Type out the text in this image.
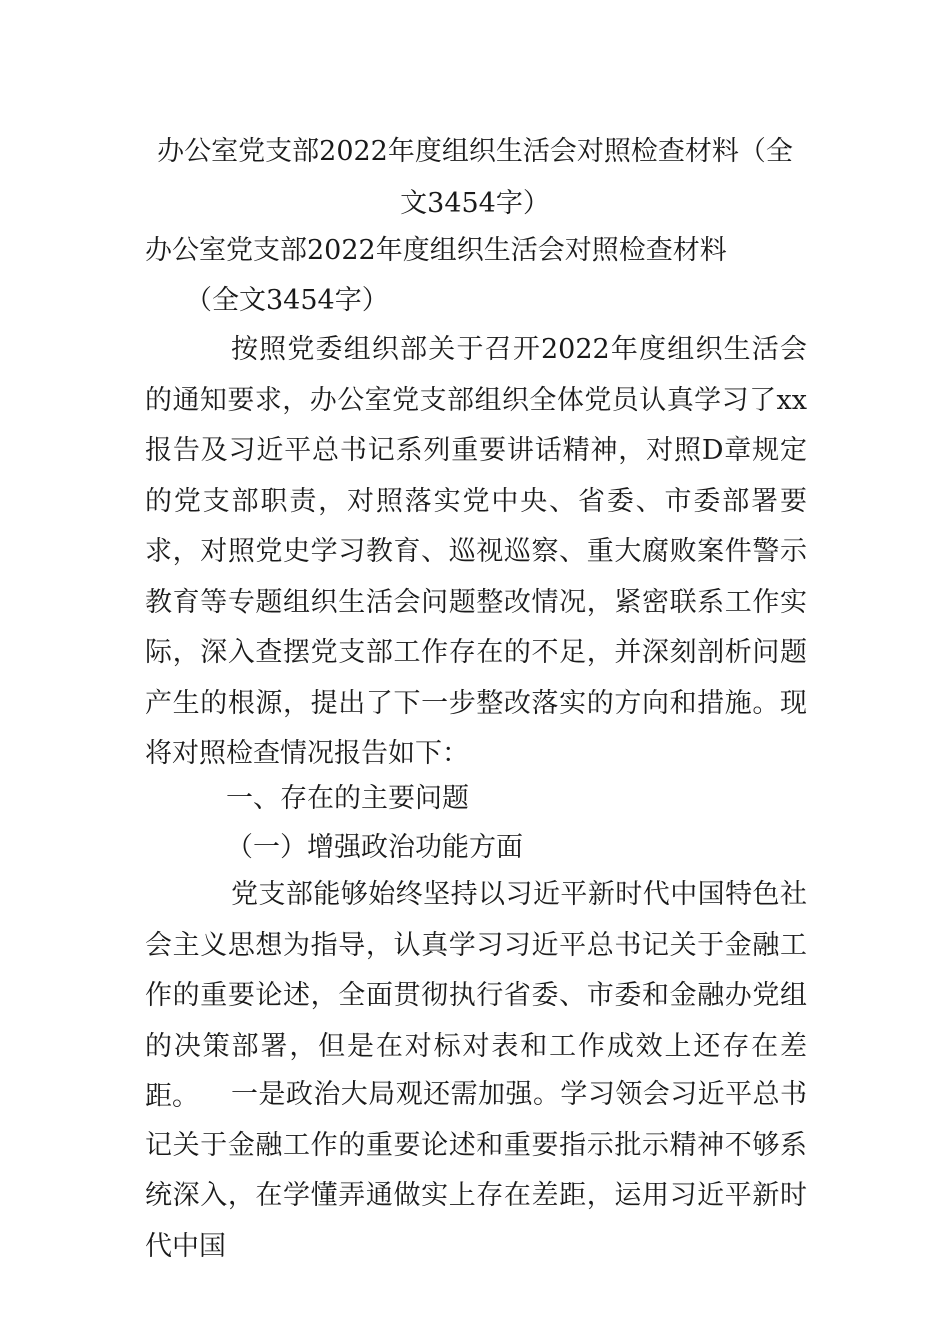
办公室党支部2022年度组织生活会对照检查材料（全文3454字）

办公室党支部2022年度组织生活会对照检查材料

（全文3454字）

按照党委组织部关于召开2022年度组织生活会的通知要求，办公室党支部组织全体党员认真学习了xx报告及习近平总书记系列重要讲话精神，对照D章规定的党支部职责，对照落实党中央、省委、市委部署要求，对照党史学习教育、巡视巡察、重大腐败案件警示教育等专题组织生活会问题整改情况，紧密联系工作实际，深入查摆党支部工作存在的不足，并深刻剖析问题产生的根源，提出了下一步整改落实的方向和措施。现将对照检查情况报告如下：

一、存在的主要问题

（一）增强政治功能方面

党支部能够始终坚持以习近平新时代中国特色社会主义思想为指导，认真学习习近平总书记关于金融工作的重要论述，全面贯彻执行省委、市委和金融办党组的决策部署，但是在对标对表和工作成效上还存在差距。	一是政治大局观还需加强。学习领会习近平总书记关于金融工作的重要论述和重要指示批示精神不够系统深入，在学懂弄通做实上存在差距，运用习近平新时代中国
